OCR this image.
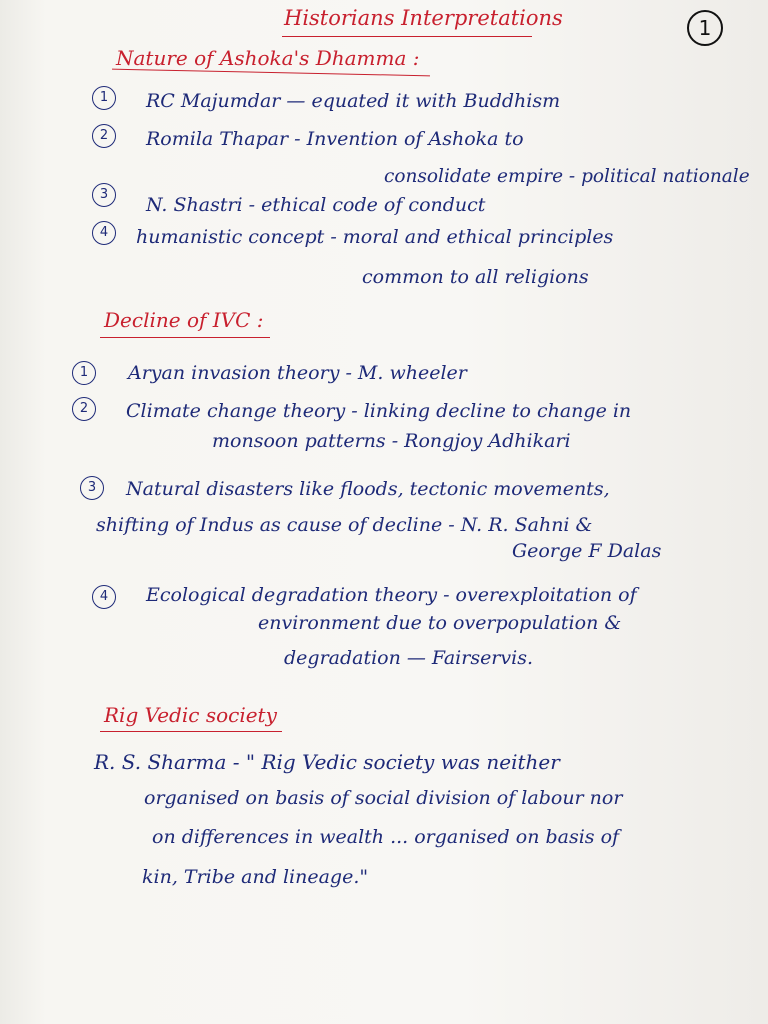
Historians Interpretations	1
Nature of Ashoka's Dhamma :
1	RC Majumdar — equated it with Buddhism
2	Romila Thapar - Invention of Ashoka to
consolidate empire - political nationale
3	N. Shastri - ethical code of conduct
4	humanistic concept - moral and ethical principles
common to all religions
Decline of IVC :
1	Aryan invasion theory - M. wheeler
2	Climate change theory - linking decline to change in
monsoon patterns - Rongjoy Adhikari
3	Natural disasters like floods, tectonic movements,
shifting of Indus as cause of decline - N. R. Sahni &
George F Dalas
4	Ecological degradation theory - overexploitation of
environment due to overpopulation &
degradation — Fairservis.
Rig Vedic society
R. S. Sharma - " Rig Vedic society was neither
organised on basis of social division of labour nor
on differences in wealth ... organised on basis of
kin, Tribe and lineage."
